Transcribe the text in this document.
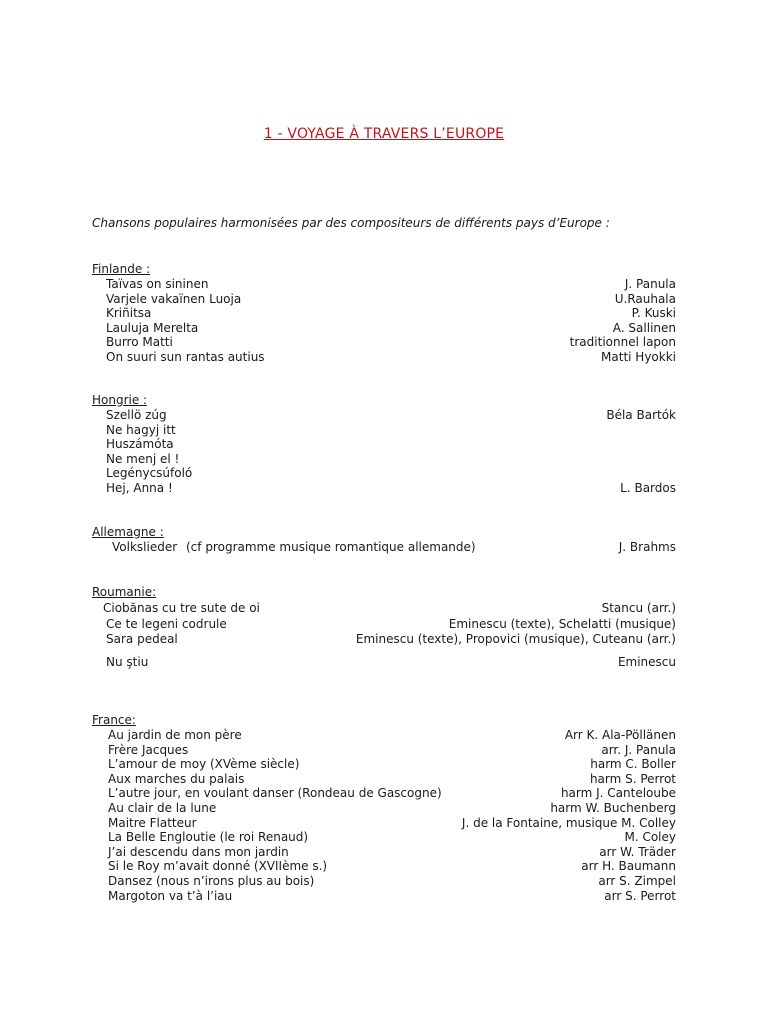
1 - VOYAGE À TRAVERS L’EUROPE
Chansons populaires harmonisées par des compositeurs de différents pays d’Europe :
Finlande :
Taïvas on sininen	J. Panula
Varjele vakaïnen Luoja	U.Rauhala
Kriñitsa	P. Kuski
Lauluja Merelta	A. Sallinen
Burro Matti	traditionnel lapon
On suuri sun rantas autius	Matti Hyokki
Hongrie :
Szellö zúg	Béla Bartók
Ne hagyj itt
Huszámóta
Ne menj el !
Legénycsúfoló
Hej, Anna !	L. Bardos
Allemagne :
Volkslieder (cf programme musique romantique allemande)	J. Brahms
Roumanie:
Ciobănas cu tre sute de oi	Stancu (arr.)
Ce te legeni codrule	Eminescu (texte), Schelatti (musique)
Sara pedeal	Eminescu (texte), Propovici (musique), Cuteanu (arr.)
Nu ştiu	Eminescu
France:
Au jardin de mon père	Arr K. Ala-Pöllänen
Frère Jacques	arr. J. Panula
L’amour de moy (XVème siècle)	harm C. Boller
Aux marches du palais	harm S. Perrot
L’autre jour, en voulant danser (Rondeau de Gascogne)	harm J. Canteloube
Au clair de la lune	harm W. Buchenberg
Maitre Flatteur	J. de la Fontaine, musique M. Colley
La Belle Engloutie (le roi Renaud)	M. Coley
J’ai descendu dans mon jardin	arr W. Träder
Si le Roy m’avait donné (XVIIème s.)	arr H. Baumann
Dansez (nous n’irons plus au bois)	arr S. Zimpel
Margoton va t’à l’iau	arr S. Perrot
